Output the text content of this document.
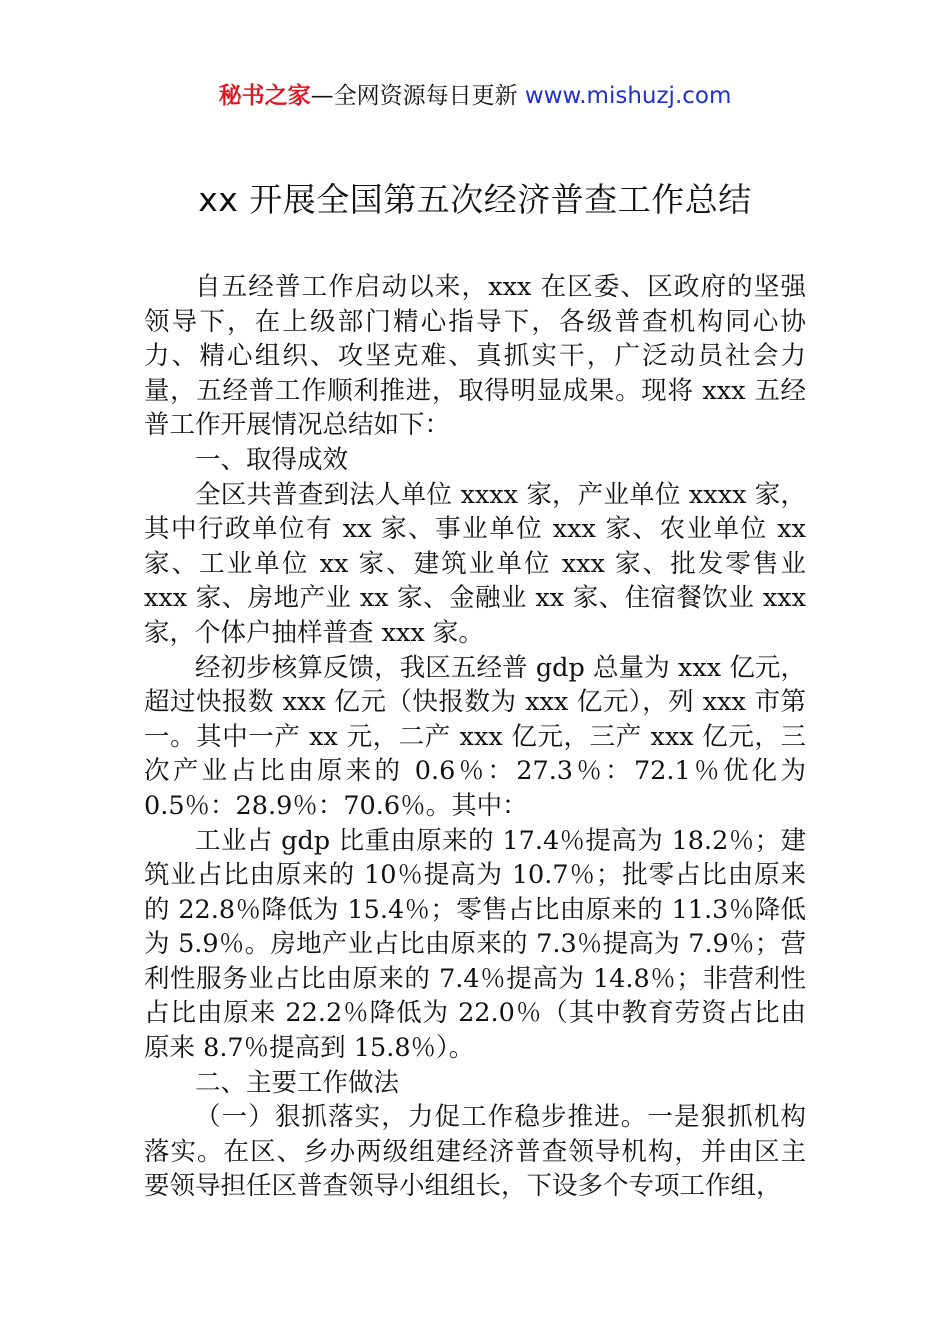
秘书之家—全网资源每日更新 www.mishuzj.com
xx 开展全国第五次经济普查工作总结

自五经普工作启动以来，xxx 在区委、区政府的坚强领导下，在上级部门精心指导下，各级普查机构同心协力、精心组织、攻坚克难、真抓实干，广泛动员社会力量，五经普工作顺利推进，取得明显成果。现将 xxx 五经普工作开展情况总结如下：

一、取得成效

全区共普查到法人单位 xxxx 家，产业单位 xxxx 家，其中行政单位有 xx 家、事业单位 xxx 家、农业单位 xx 家、工业单位 xx 家、建筑业单位 xxx 家、批发零售业 xxx 家、房地产业 xx 家、金融业 xx 家、住宿餐饮业 xxx 家，个体户抽样普查 xxx 家。

经初步核算反馈，我区五经普 gdp 总量为 xxx 亿元，超过快报数 xxx 亿元（快报数为 xxx 亿元），列 xxx 市第一。其中一产 xx 元，二产 xxx 亿元，三产 xxx 亿元，三次产业占比由原来的 0.6％：27.3％：72.1％优化为 0.5％：28.9％：70.6％。其中：

工业占 gdp 比重由原来的 17.4％提高为 18.2％；建筑业占比由原来的 10％提高为 10.7％；批零占比由原来的 22.8％降低为 15.4％；零售占比由原来的 11.3％降低为 5.9％。房地产业占比由原来的 7.3％提高为 7.9％；营利性服务业占比由原来的 7.4％提高为 14.8％；非营利性占比由原来 22.2％降低为 22.0％（其中教育劳资占比由原来 8.7％提高到 15.8％）。

二、主要工作做法

（一）狠抓落实，力促工作稳步推进。一是狠抓机构落实。在区、乡办两级组建经济普查领导机构，并由区主要领导担任区普查领导小组组长，下设多个专项工作组，
